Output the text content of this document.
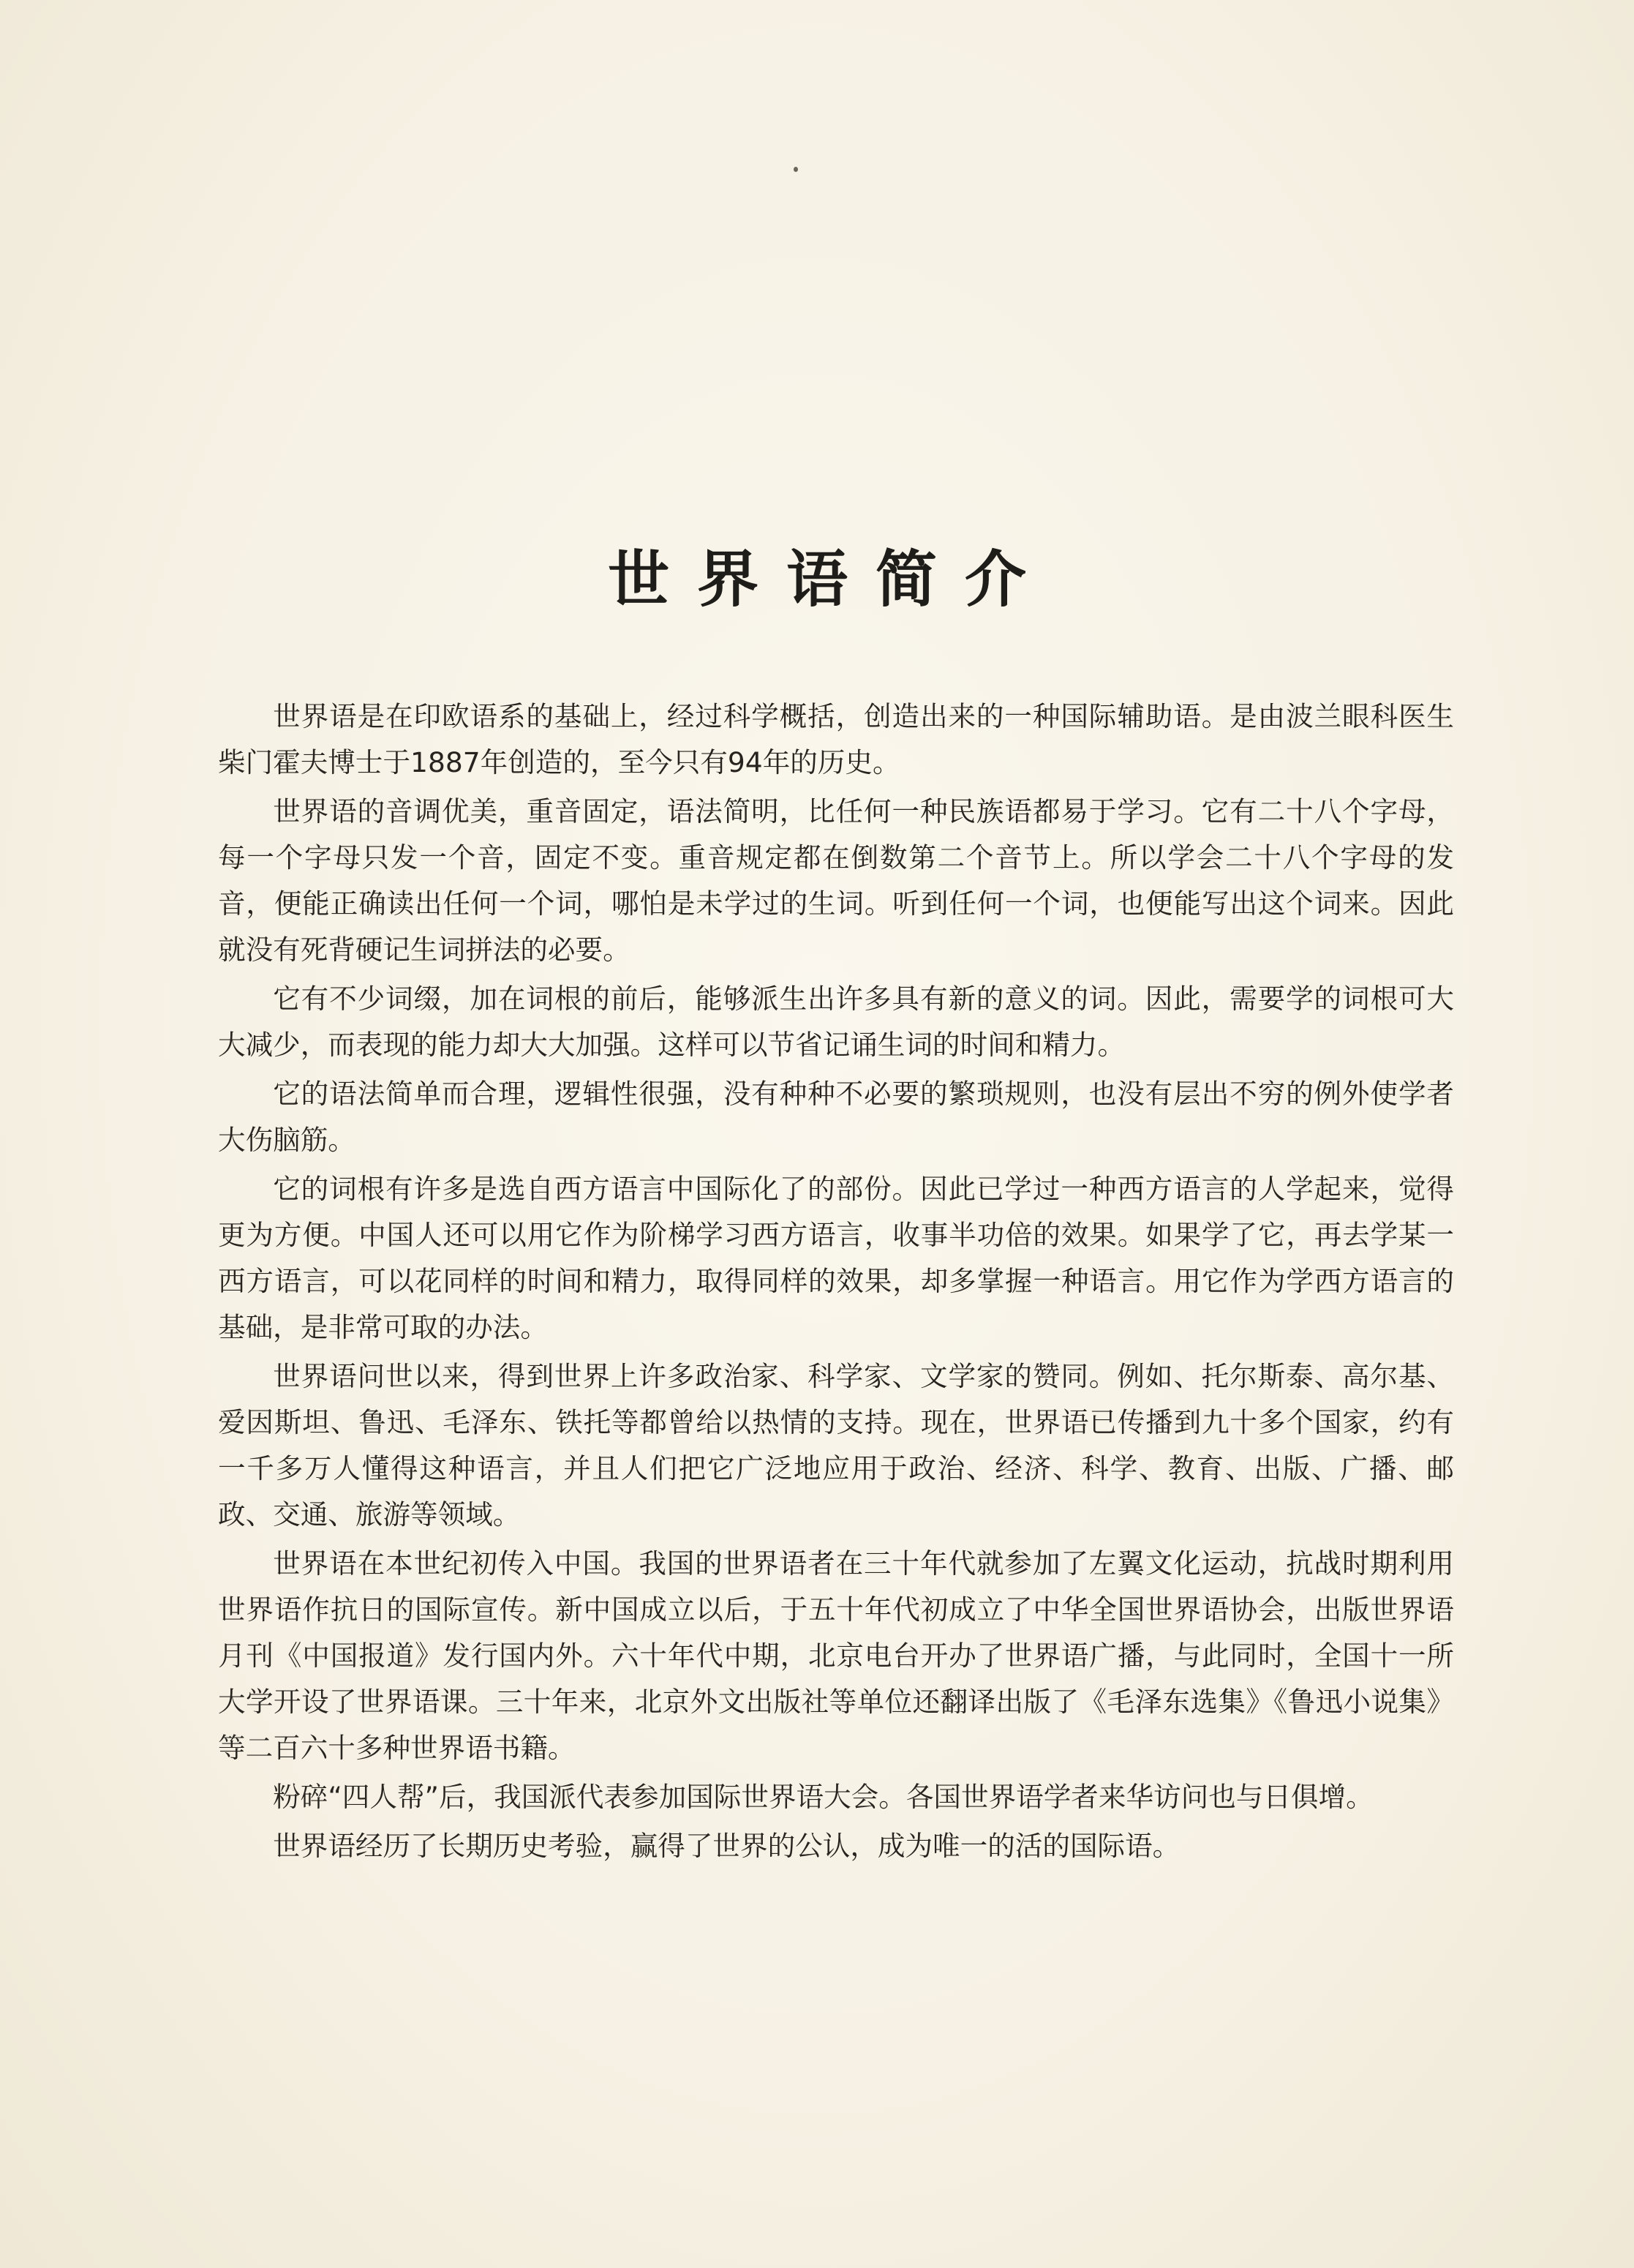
世界语简介

世界语是在印欧语系的基础上，经过科学概括，创造出来的一种国际辅助语。是由波兰眼科医生柴门霍夫博士于1887年创造的，至今只有94年的历史。

世界语的音调优美，重音固定，语法简明，比任何一种民族语都易于学习。它有二十八个字母，每一个字母只发一个音，固定不变。重音规定都在倒数第二个音节上。所以学会二十八个字母的发音，便能正确读出任何一个词，哪怕是未学过的生词。听到任何一个词，也便能写出这个词来。因此就没有死背硬记生词拼法的必要。

它有不少词缀，加在词根的前后，能够派生出许多具有新的意义的词。因此，需要学的词根可大大减少，而表现的能力却大大加强。这样可以节省记诵生词的时间和精力。

它的语法简单而合理，逻辑性很强，没有种种不必要的繁琐规则，也没有层出不穷的例外使学者大伤脑筋。

它的词根有许多是选自西方语言中国际化了的部份。因此已学过一种西方语言的人学起来，觉得更为方便。中国人还可以用它作为阶梯学习西方语言，收事半功倍的效果。如果学了它，再去学某一西方语言，可以花同样的时间和精力，取得同样的效果，却多掌握一种语言。用它作为学西方语言的基础，是非常可取的办法。

世界语问世以来，得到世界上许多政治家、科学家、文学家的赞同。例如、托尔斯泰、高尔基、爱因斯坦、鲁迅、毛泽东、铁托等都曾给以热情的支持。现在，世界语已传播到九十多个国家，约有一千多万人懂得这种语言，并且人们把它广泛地应用于政治、经济、科学、教育、出版、广播、邮政、交通、旅游等领域。

世界语在本世纪初传入中国。我国的世界语者在三十年代就参加了左翼文化运动，抗战时期利用世界语作抗日的国际宣传。新中国成立以后，于五十年代初成立了中华全国世界语协会，出版世界语月刊《中国报道》发行国内外。六十年代中期，北京电台开办了世界语广播，与此同时，全国十一所大学开设了世界语课。三十年来，北京外文出版社等单位还翻译出版了《毛泽东选集》《鲁迅小说集》等二百六十多种世界语书籍。

粉碎“四人帮”后，我国派代表参加国际世界语大会。各国世界语学者来华访问也与日俱增。

世界语经历了长期历史考验，赢得了世界的公认，成为唯一的活的国际语。
